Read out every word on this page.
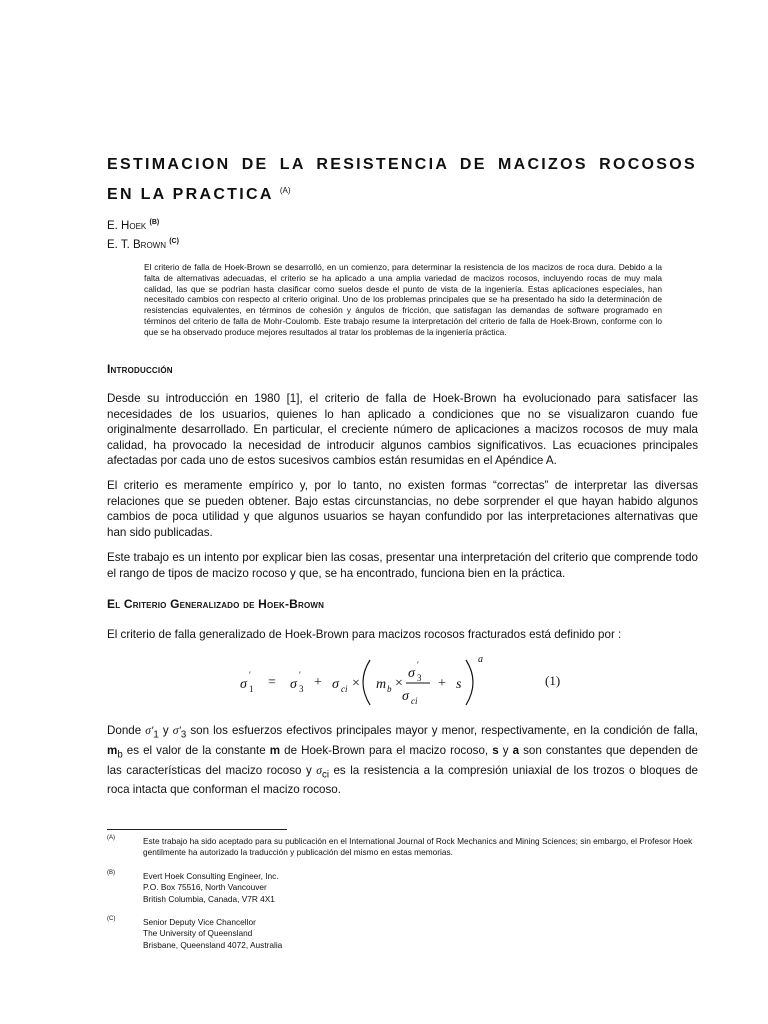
ESTIMACION DE LA RESISTENCIA DE MACIZOS ROCOSOS EN LA PRACTICA $^{(A)}$
E. Hoek $^{(B)}$
E. T. Brown $^{(C)}$

El criterio de falla de Hoek-Brown se desarrolló, en un comienzo, para determinar la resistencia de los macizos de roca dura. Debido a la falta de alternativas adecuadas, el criterio se ha aplicado a una amplia variedad de macizos rocosos, incluyendo rocas de muy mala calidad, las que se podrían hasta clasificar como suelos desde el punto de vista de la ingeniería. Estas aplicaciones especiales, han necesitado cambios con respecto al criterio original. Uno de los problemas principales que se ha presentado ha sido la determinación de resistencias equivalentes, en términos de cohesión y ángulos de fricción, que satisfagan las demandas de software programado en términos del criterio de falla de Mohr-Coulomb. Este trabajo resume la interpretación del criterio de falla de Hoek-Brown, conforme con lo que se ha observado produce mejores resultados al tratar los problemas de la ingeniería práctica.

Introducción

Desde su introducción en 1980 [1], el criterio de falla de Hoek-Brown ha evolucionado para satisfacer las necesidades de los usuarios, quienes lo han aplicado a condiciones que no se visualizaron cuando fue originalmente desarrollado. En particular, el creciente número de aplicaciones a macizos rocosos de muy mala calidad, ha provocado la necesidad de introducir algunos cambios significativos. Las ecuaciones principales afectadas por cada uno de estos sucesivos cambios están resumidas en el Apéndice A.

El criterio es meramente empírico y, por lo tanto, no existen formas “correctas” de interpretar las diversas relaciones que se pueden obtener. Bajo estas circunstancias, no debe sorprender el que hayan habido algunos cambios de poca utilidad y que algunos usuarios se hayan confundido por las interpretaciones alternativas que han sido publicadas.

Este trabajo es un intento por explicar bien las cosas, presentar una interpretación del criterio que comprende todo el rango de tipos de macizo rocoso y que, se ha encontrado, funciona bien en la práctica.

El Criterio Generalizado de Hoek-Brown

El criterio de falla generalizado de Hoek-Brown para macizos rocosos fracturados está definido por :

σ
′
1 = σ
′
3 + σ ci × m b ×
σ
′
3
σ ci
+ s
a
(1)

Donde $\sigma'_1$ y $\sigma'_3$ son los esfuerzos efectivos principales mayor y menor, respectivamente, en la condición de falla, $m_b$ es el valor de la constante m de Hoek-Brown para el macizo rocoso, s y a son constantes que dependen de las características del macizo rocoso y $\sigma_{ci}$ es la resistencia a la compresión uniaxial de los trozos o bloques de roca intacta que conforman el macizo rocoso.

(A)	Este trabajo ha sido aceptado para su publicación en el International Journal of Rock Mechanics and Mining Sciences; sin embargo, el Profesor Hoek gentilmente ha autorizado la traducción y publicación del mismo en estas memorias.

(B)	Evert Hoek Consulting Engineer, Inc.
P.O. Box 75516, North Vancouver
British Columbia, Canada, V7R 4X1

(C)	Senior Deputy Vice Chancellor
The University of Queensland
Brisbane, Queensland 4072, Australia
